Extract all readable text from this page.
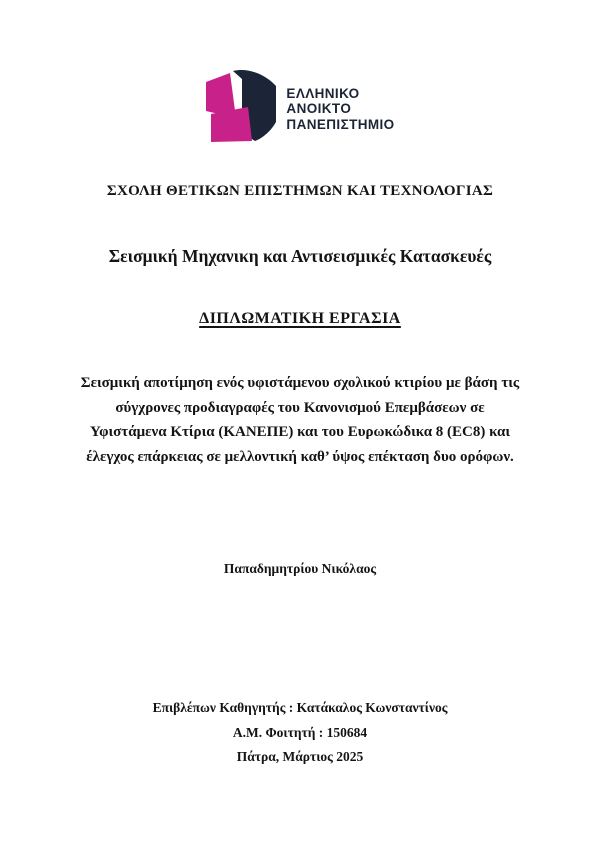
ΕΛΛΗΝΙΚΟ
ΑΝΟΙΚΤΟ
ΠΑΝΕΠΙΣΤΗΜΙΟ
ΣΧΟΛΗ ΘΕΤΙΚΩΝ ΕΠΙΣΤΗΜΩΝ ΚΑΙ ΤΕΧΝΟΛΟΓΙΑΣ
Σεισμική Μηχανικη και Αντισεισμικές Κατασκευές
ΔΙΠΛΩΜΑΤΙΚΗ ΕΡΓΑΣΙΑ
Σεισμική αποτίμηση ενός υφιστάμενου σχολικού κτιρίου με βάση τις
σύγχρονες προδιαγραφές του Κανονισμού Επεμβάσεων σε
Υφιστάμενα Κτίρια (ΚΑΝΕΠΕ) και του Ευρωκώδικα 8 (EC8) και
έλεγχος επάρκειας σε μελλοντική καθ’ ύψος επέκταση δυο ορόφων.
Παπαδημητρίου Νικόλαος
Επιβλέπων Καθηγητής : Κατάκαλος Κωνσταντίνος
Α.Μ. Φοιτητή : 150684
Πάτρα, Μάρτιος 2025
